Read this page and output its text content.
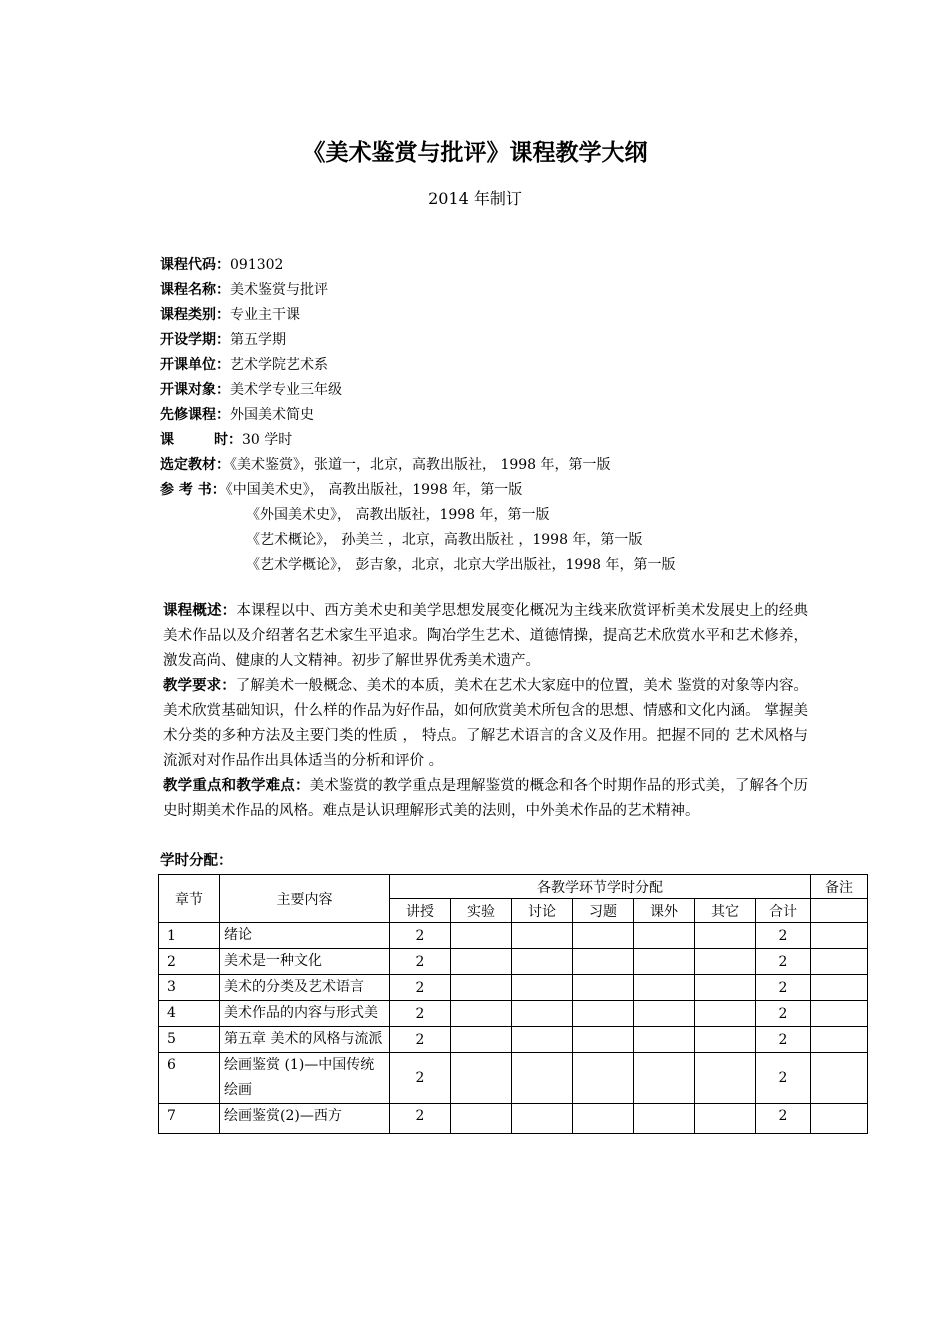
《美术鉴赏与批评》课程教学大纲
2014 年制订
课程代码：091302
课程名称：美术鉴赏与批评
课程类别：专业主干课
开设学期：第五学期
开课单位：艺术学院艺术系
开课对象：美术学专业三年级
先修课程：外国美术简史
课	时：30 学时
选定教材：《美术鉴赏》，张道一，北京，高教出版社， 1998 年，第一版
参 考 书：《中国美术史》， 高教出版社，1998 年，第一版
《外国美术史》， 高教出版社，1998 年，第一版
《艺术概论》， 孙美兰 ，北京，高教出版社 ，1998 年，第一版
《艺术学概论》， 彭吉象，北京，北京大学出版社，1998 年，第一版
课程概述：本课程以中、西方美术史和美学思想发展变化概况为主线来欣赏评析美术发展史上的经典美术作品以及介绍著名艺术家生平追求。陶冶学生艺术、道德情操，提高艺术欣赏水平和艺术修养，激发高尚、健康的人文精神。初步了解世界优秀美术遗产。
教学要求：了解美术一般概念、美术的本质，美术在艺术大家庭中的位置，美术 鉴赏的对象等内容。 美术欣赏基础知识，什么样的作品为好作品，如何欣赏美术所包含的思想、情感和文化内涵。 掌握美术分类的多种方法及主要门类的性质 ， 特点。了解艺术语言的含义及作用。把握不同的 艺术风格与流派对对作品作出具体适当的分析和评价 。
教学重点和教学难点：美术鉴赏的教学重点是理解鉴赏的概念和各个时期作品的形式美，了解各个历史时期美术作品的风格。难点是认识理解形式美的法则，中外美术作品的艺术精神。
学时分配：
章节	主要内容	各教学环节学时分配							备注
		讲授	实验	讨论	习题	课外	其它	合计	
1	绪论	2						2	
2	美术是一种文化	2						2	
3	美术的分类及艺术语言	2						2	
4	美术作品的内容与形式美	2						2	
5	第五章 美术的风格与流派	2						2	
6	绘画鉴赏 (1)—中国传统绘画	2						2	
7	绘画鉴赏(2)—西方	2						2	
